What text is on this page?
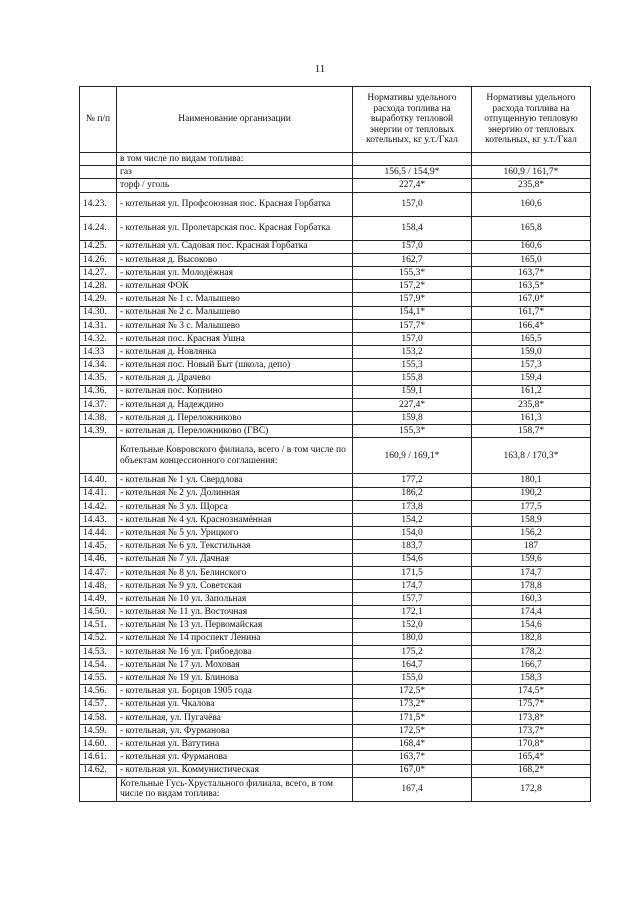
11
№ п/п	Наименование организации	Нормативы удельного расхода топлива на выработку тепловой энергии от тепловых котельных, кг у.т./Гкал	Нормативы удельного расхода топлива на отпущенную тепловую энергию от тепловых котельных, кг у.т./Гкал
	в том числе по видам топлива:		
	газ	156,5 / 154,9*	160,9 / 161,7*
	торф / уголь	227,4*	235,8*
14.23.	- котельная ул. Профсоюзная пос. Красная Горбатка	157,0	160,6
14.24.	- котельная ул. Пролетарская пос. Красная Горбатка	158,4	165,8
14.25.	- котельная ул. Садовая пос. Красная Горбатка	157,0	160,6
14.26.	- котельная д. Высоково	162,7	165,0
14.27.	- котельная ул. Молодёжная	155,3*	163,7*
14.28.	- котельная ФОК	157,2*	163,5*
14.29.	- котельная № 1 с. Малышево	157,9*	167,0*
14.30.	- котельная № 2 с. Малышево	154,1*	161,7*
14.31.	- котельная № 3 с. Малышево	157,7*	166,4*
14.32.	- котельная пос. Красная Ушна	157,0	165,5
14.33	- котельная д. Новлянка	153,2	159,0
14.34.	- котельная пос. Новый Быт (школа, депо)	155,3	157,3
14.35.	- котельная д. Драчево	155,8	159,4
14.36.	- котельная пос. Копнино	159,1	161,2
14.37.	- котельная д. Надеждино	227,4*	235,8*
14.38.	- котельная д. Переложниково	159,8	161,3
14.39.	- котельная д. Переложниково (ГВС)	155,3*	158,7*
	Котельные Ковровского филиала, всего / в том числе по объектам концессионного соглашения:	160,9 / 169,1*	163,8 / 170,3*
14.40.	- котельная № 1 ул. Свердлова	177,2	180,1
14.41.	- котельная № 2 ул. Долинная	186,2	190,2
14.42.	- котельная № 3 ул. Щорса	173,8	177,5
14.43.	- котельная № 4 ул. Краснознамённая	154,2	158,9
14.44.	- котельная № 5 ул. Урицкого	154,0	156,2
14.45.	- котельная № 6 ул. Текстильная	183,7	187
14.46.	- котельная № 7 ул. Дачная	154,6	159,6
14.47.	- котельная № 8 ул. Белинского	171,5	174,7
14.48.	- котельная № 9 ул. Советская	174,7	178,8
14.49.	- котельная № 10 ул. Запольная	157,7	160,3
14.50.	- котельная № 11 ул. Восточная	172,1	174,4
14.51.	- котельная № 13 ул. Первомайская	152,0	154,6
14.52.	- котельная № 14 проспект Ленина	180,0	182,8
14.53.	- котельная № 16 ул. Грибоедова	175,2	178,2
14.54.	- котельная № 17 ул. Моховая	164,7	166,7
14.55.	- котельная № 19 ул. Блинова	155,0	158,3
14.56.	- котельная ул. Борцов 1905 года	172,5*	174,5*
14.57.	- котельная ул. Чкалова	173,2*	175,7*
14.58.	- котельная, ул. Пугачёва	171,5*	173,8*
14.59.	- котельная, ул. Фурманова	172,5*	173,7*
14.60.	- котельная ул. Ватутина	168,4*	170,8*
14.61.	- котельная ул. Фурманова	163,7*	165,4*
14.62.	- котельная ул. Коммунистическая	167,0*	168,2*
	Котельные Гусь-Хрустального филиала, всего, в том числе по видам топлива:	167,4	172,8
